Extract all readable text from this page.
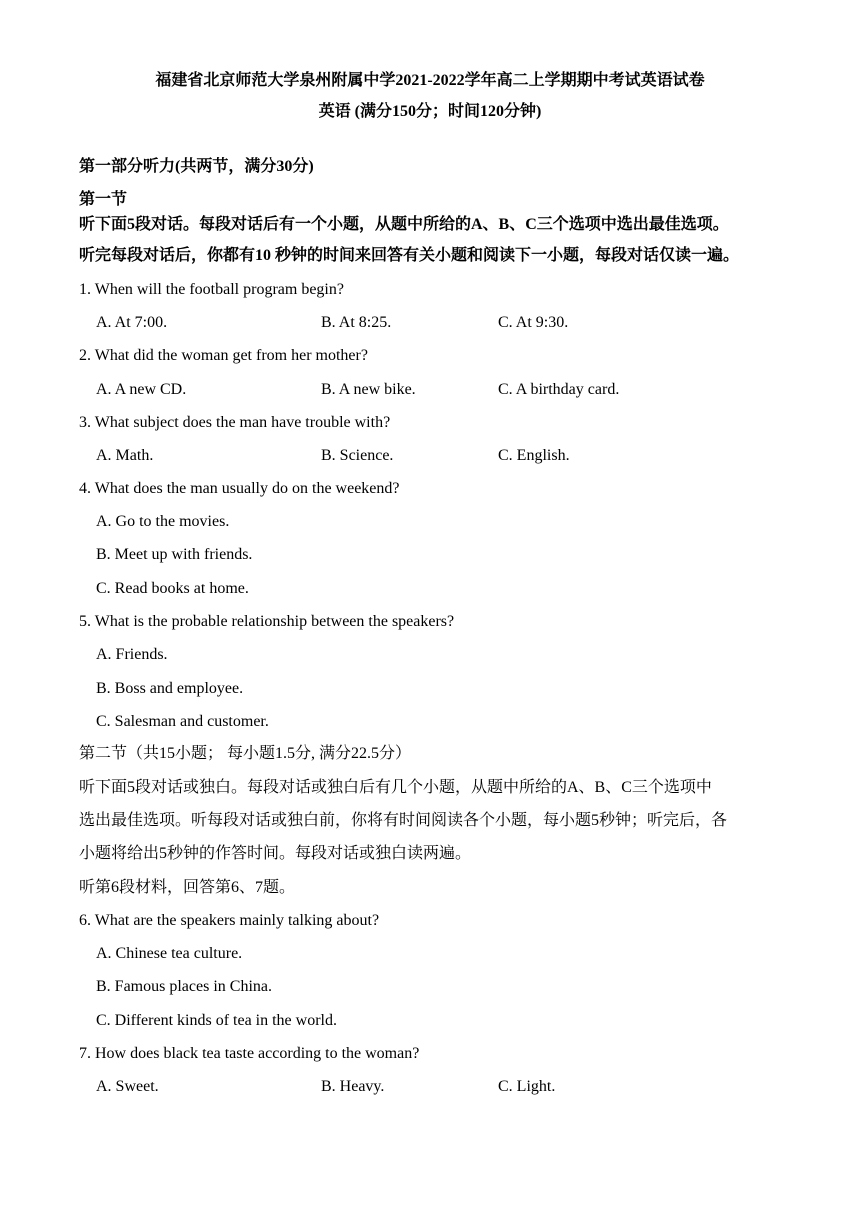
福建省北京师范大学泉州附属中学2021-2022学年高二上学期期中考试英语试卷
英语 (满分150分；时间120分钟)
第一部分听力(共两节，满分30分)
第一节
听下面5段对话。每段对话后有一个小题，从题中所给的A、B、C三个选项中选出最佳选项。
听完每段对话后，你都有10 秒钟的时间来回答有关小题和阅读下一小题，每段对话仅读一遍。
1. When will the football program begin?
A. At 7:00.	B. At 8:25.	C. At 9:30.
2. What did the woman get from her mother?
A. A new CD.	B. A new bike.	C. A birthday card.
3. What subject does the man have trouble with?
A. Math.	B. Science.	C. English.
4. What does the man usually do on the weekend?
A. Go to the movies.
B. Meet up with friends.
C. Read books at home.
5. What is the probable relationship between the speakers?
A. Friends.
B. Boss and employee.
C. Salesman and customer.
第二节（共15小题； 每小题1.5分, 满分22.5分）
听下面5段对话或独白。每段对话或独白后有几个小题，从题中所给的A、B、C三个选项中
选出最佳选项。听每段对话或独白前，你将有时间阅读各个小题，每小题5秒钟；听完后，各
小题将给出5秒钟的作答时间。每段对话或独白读两遍。
听第6段材料，回答第6、7题。
6. What are the speakers mainly talking about?
A. Chinese tea culture.
B. Famous places in China.
C. Different kinds of tea in the world.
7. How does black tea taste according to the woman?
A. Sweet.	B. Heavy.	C. Light.
